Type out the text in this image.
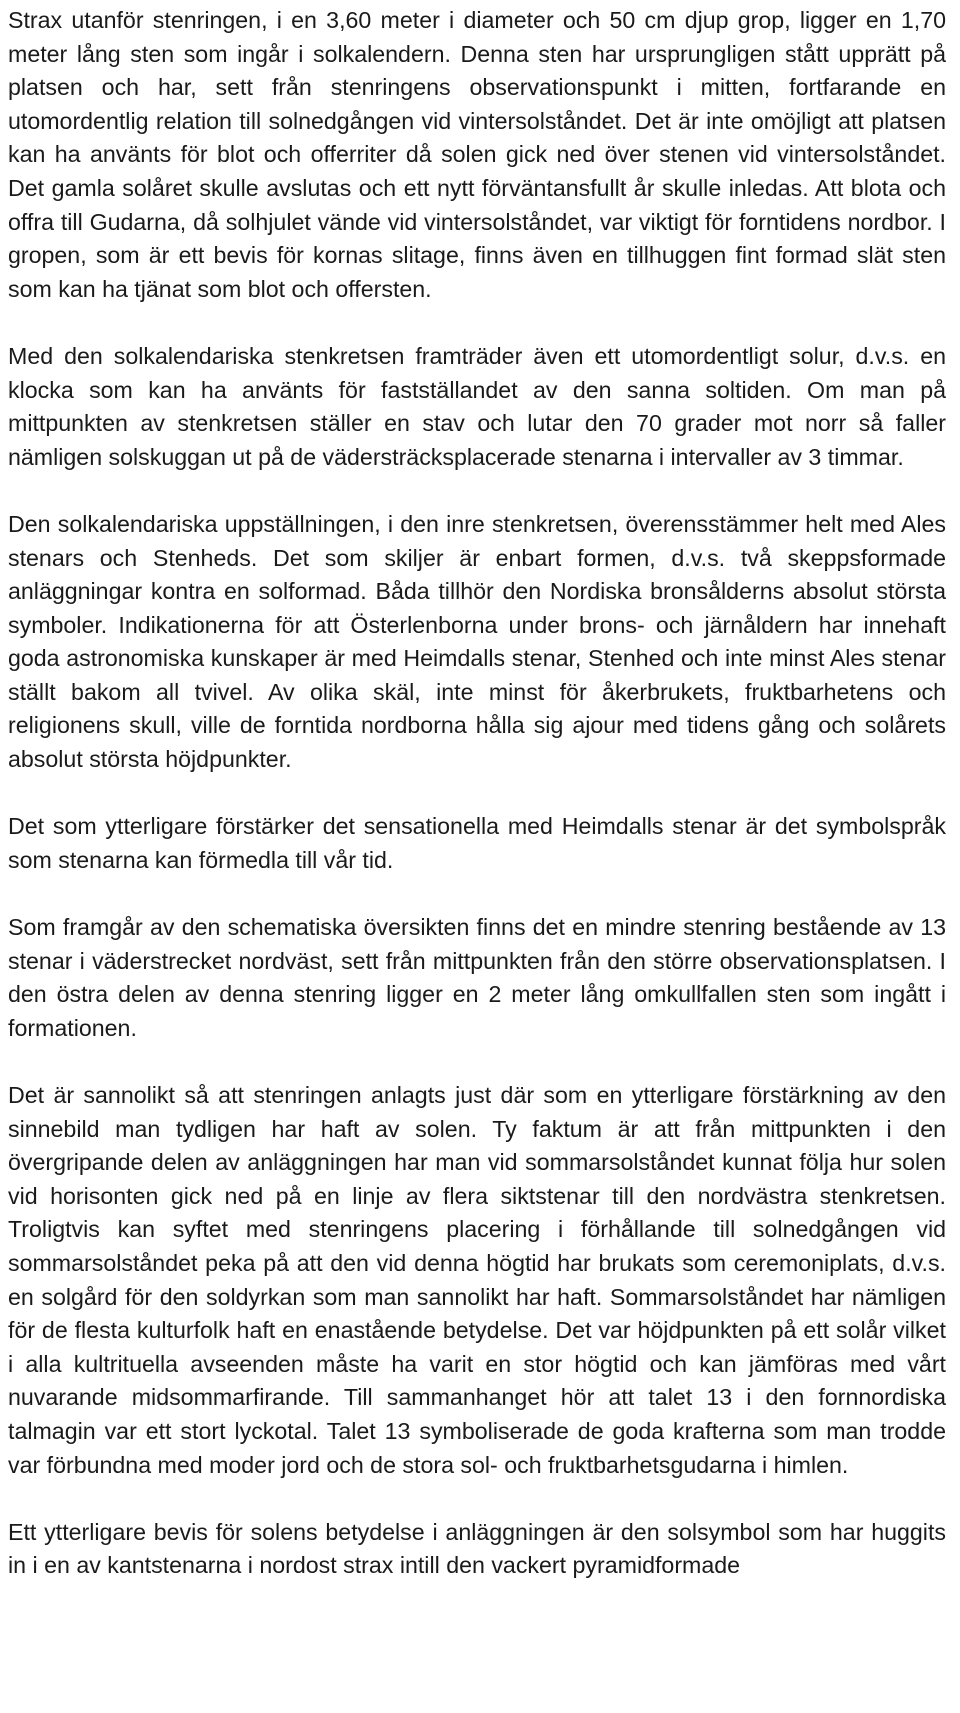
Strax utanför stenringen, i en 3,60 meter i diameter och 50 cm djup grop, ligger en 1,70 meter lång sten som ingår i solkalendern. Denna sten har ursprungligen stått upprätt på platsen och har, sett från stenringens observationspunkt i mitten, fortfarande en utomordentlig relation till solnedgången vid vintersolståndet. Det är inte omöjligt att platsen kan ha använts för blot och offerriter då solen gick ned över stenen vid vintersolståndet. Det gamla solåret skulle avslutas och ett nytt förväntansfullt år skulle inledas. Att blota och offra till Gudarna, då solhjulet vände vid vintersolståndet, var viktigt för forntidens nordbor. I gropen, som är ett bevis för kornas slitage, finns även en tillhuggen fint formad slät sten som kan ha tjänat som blot och offersten.

Med den solkalendariska stenkretsen framträder även ett utomordentligt solur, d.v.s. en klocka som kan ha använts för fastställandet av den sanna soltiden. Om man på mittpunkten av stenkretsen ställer en stav och lutar den 70 grader mot norr så faller nämligen solskuggan ut på de vädersträcksplacerade stenarna i intervaller av 3 timmar.

Den solkalendariska uppställningen, i den inre stenkretsen, överensstämmer helt med Ales stenars och Stenheds. Det som skiljer är enbart formen, d.v.s. två skeppsformade anläggningar kontra en solformad. Båda tillhör den Nordiska bronsålderns absolut största symboler. Indikationerna för att Österlenborna under brons- och järnåldern har innehaft goda astronomiska kunskaper är med Heimdalls stenar, Stenhed och inte minst Ales stenar ställt bakom all tvivel. Av olika skäl, inte minst för åkerbrukets, fruktbarhetens och religionens skull, ville de forntida nordborna hålla sig ajour med tidens gång och solårets absolut största höjdpunkter.

Det som ytterligare förstärker det sensationella med Heimdalls stenar är det symbolspråk som stenarna kan förmedla till vår tid.

Som framgår av den schematiska översikten finns det en mindre stenring bestående av 13 stenar i väderstrecket nordväst, sett från mittpunkten från den större observationsplatsen. I den östra delen av denna stenring ligger en 2 meter lång omkullfallen sten som ingått i formationen.

Det är sannolikt så att stenringen anlagts just där som en ytterligare förstärkning av den sinnebild man tydligen har haft av solen. Ty faktum är att från mittpunkten i den övergripande delen av anläggningen har man vid sommarsolståndet kunnat följa hur solen vid horisonten gick ned på en linje av flera siktstenar till den nordvästra stenkretsen. Troligtvis kan syftet med stenringens placering i förhållande till solnedgången vid sommarsolståndet peka på att den vid denna högtid har brukats som ceremoniplats, d.v.s. en solgård för den soldyrkan som man sannolikt har haft. Sommarsolståndet har nämligen för de flesta kulturfolk haft en enastående betydelse. Det var höjdpunkten på ett solår vilket i alla kultrituella avseenden måste ha varit en stor högtid och kan jämföras med vårt nuvarande midsommarfirande. Till sammanhanget hör att talet 13 i den fornnordiska talmagin var ett stort lyckotal. Talet 13 symboliserade de goda krafterna som man trodde var förbundna med moder jord och de stora sol- och fruktbarhetsgudarna i himlen.

Ett ytterligare bevis för solens betydelse i anläggningen är den solsymbol som har huggits in i en av kantstenarna i nordost strax intill den vackert pyramidformade
